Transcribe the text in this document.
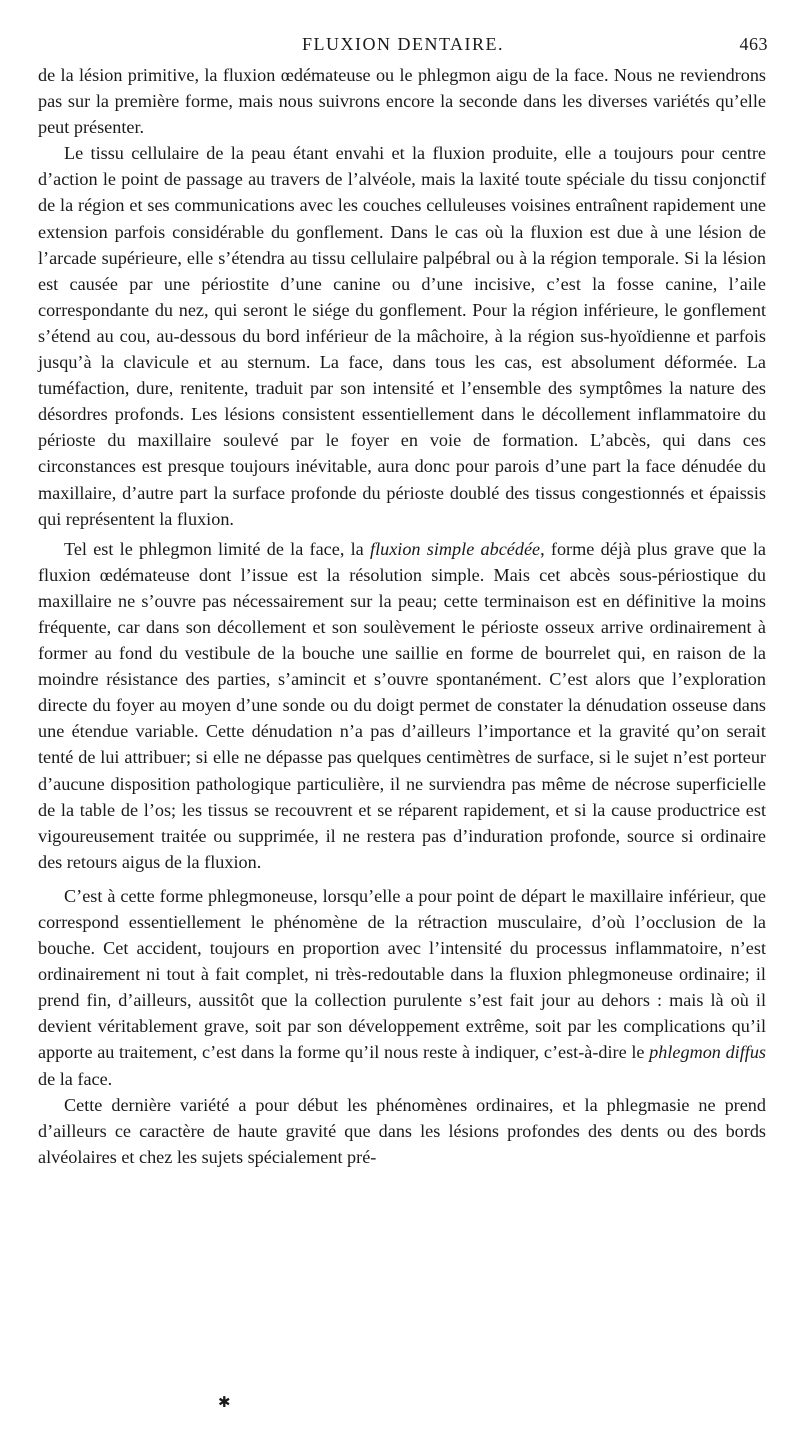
FLUXION DENTAIRE.	463

de la lésion primitive, la fluxion œdémateuse ou le phlegmon aigu de la face. Nous ne reviendrons pas sur la première forme, mais nous suivrons encore la seconde dans les diverses variétés qu’elle peut présenter.

Le tissu cellulaire de la peau étant envahi et la fluxion produite, elle a toujours pour centre d’action le point de passage au travers de l’alvéole, mais la laxité toute spéciale du tissu conjonctif de la région et ses communications avec les couches celluleuses voisines entraînent rapidement une extension parfois considérable du gonflement. Dans le cas où la fluxion est due à une lésion de l’arcade supérieure, elle s’étendra au tissu cellulaire palpébral ou à la région temporale. Si la lésion est causée par une périostite d’une canine ou d’une incisive, c’est la fosse canine, l’aile correspondante du nez, qui seront le siége du gonflement. Pour la région inférieure, le gonflement s’étend au cou, au-dessous du bord inférieur de la mâchoire, à la région sus-hyoïdienne et parfois jusqu’à la clavicule et au sternum. La face, dans tous les cas, est absolument déformée. La tuméfaction, dure, renitente, traduit par son intensité et l’ensemble des symptômes la nature des désordres profonds. Les lésions consistent essentiellement dans le décollement inflammatoire du périoste du maxillaire soulevé par le foyer en voie de formation. L’abcès, qui dans ces circonstances est presque toujours inévitable, aura donc pour parois d’une part la face dénudée du maxillaire, d’autre part la surface profonde du périoste doublé des tissus congestionnés et épaissis qui représentent la fluxion.

Tel est le phlegmon limité de la face, la fluxion simple abcédée, forme déjà plus grave que la fluxion œdémateuse dont l’issue est la résolution simple. Mais cet abcès sous-périostique du maxillaire ne s’ouvre pas nécessairement sur la peau; cette terminaison est en définitive la moins fréquente, car dans son décollement et son soulèvement le périoste osseux arrive ordinairement à former au fond du vestibule de la bouche une saillie en forme de bourrelet qui, en raison de la moindre résistance des parties, s’amincit et s’ouvre spontanément. C’est alors que l’exploration directe du foyer au moyen d’une sonde ou du doigt permet de constater la dénudation osseuse dans une étendue variable. Cette dénudation n’a pas d’ailleurs l’importance et la gravité qu’on serait tenté de lui attribuer; si elle ne dépasse pas quelques centimètres de surface, si le sujet n’est porteur d’aucune disposition pathologique particulière, il ne surviendra pas même de nécrose superficielle de la table de l’os; les tissus se recouvrent et se réparent rapidement, et si la cause productrice est vigoureusement traitée ou supprimée, il ne restera pas d’induration profonde, source si ordinaire des retours aigus de la fluxion.

C’est à cette forme phlegmoneuse, lorsqu’elle a pour point de départ le maxillaire inférieur, que correspond essentiellement le phénomène de la rétraction musculaire, d’où l’occlusion de la bouche. Cet accident, toujours en proportion avec l’intensité du processus inflammatoire, n’est ordinairement ni tout à fait complet, ni très-redoutable dans la fluxion phlegmoneuse ordinaire; il prend fin, d’ailleurs, aussitôt que la collection purulente s’est fait jour au dehors : mais là où il devient véritablement grave, soit par son développement extrême, soit par les complications qu’il apporte au traitement, c’est dans la forme qu’il nous reste à indiquer, c’est-à-dire le phlegmon diffus de la face.

Cette dernière variété a pour début les phénomènes ordinaires, et la phlegmasie ne prend d’ailleurs ce caractère de haute gravité que dans les lésions profondes des dents ou des bords alvéolaires et chez les sujets spécialement pré-

✱
